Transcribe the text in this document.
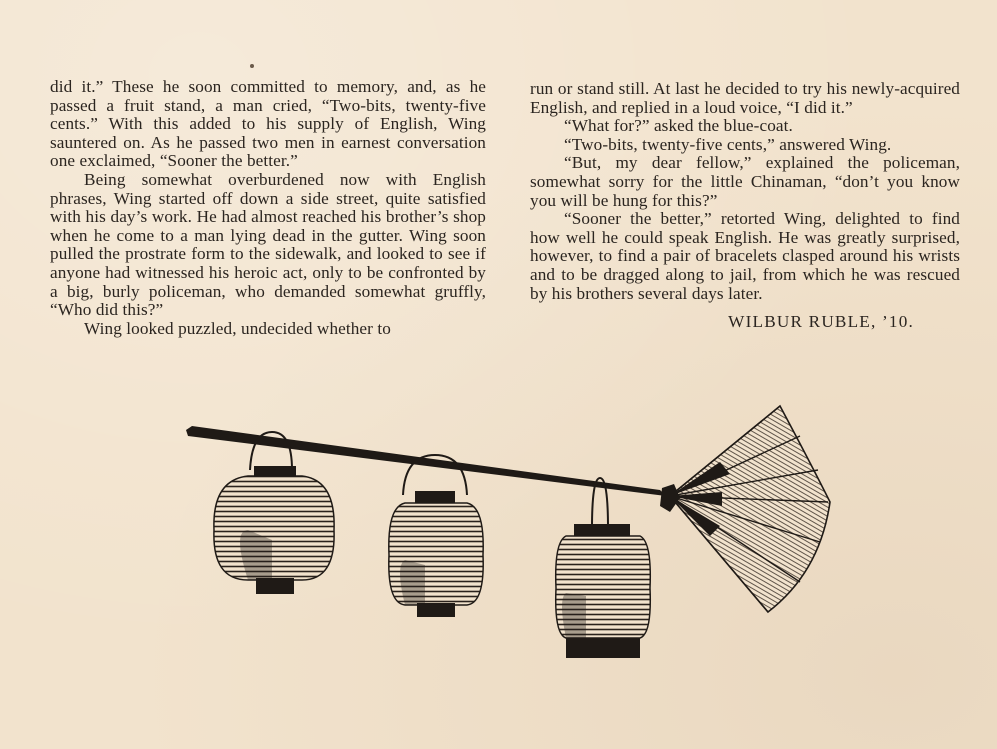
did it.” These he soon committed to memory, and, as he passed a fruit stand, a man cried, “Two-bits, twenty-five cents.” With this added to his supply of English, Wing sauntered on. As he passed two men in earnest conversation one exclaimed, “Sooner the better.”

Being somewhat overburdened now with English phrases, Wing started off down a side street, quite satisfied with his day’s work. He had almost reached his brother’s shop when he come to a man lying dead in the gutter. Wing soon pulled the prostrate form to the sidewalk, and looked to see if anyone had witnessed his heroic act, only to be confronted by a big, burly policeman, who demanded somewhat gruffly, “Who did this?”

Wing looked puzzled, undecided whether to

run or stand still. At last he decided to try his newly-acquired English, and replied in a loud voice, “I did it.”

“What for?” asked the blue-coat.

“Two-bits, twenty-five cents,” answered Wing.

“But, my dear fellow,” explained the policeman, somewhat sorry for the little Chinaman, “don’t you know you will be hung for this?”

“Sooner the better,” retorted Wing, delighted to find how well he could speak English. He was greatly surprised, however, to find a pair of bracelets clasped around his wrists and to be dragged along to jail, from which he was rescued by his brothers several days later.

WILBUR RUBLE, ’10.
